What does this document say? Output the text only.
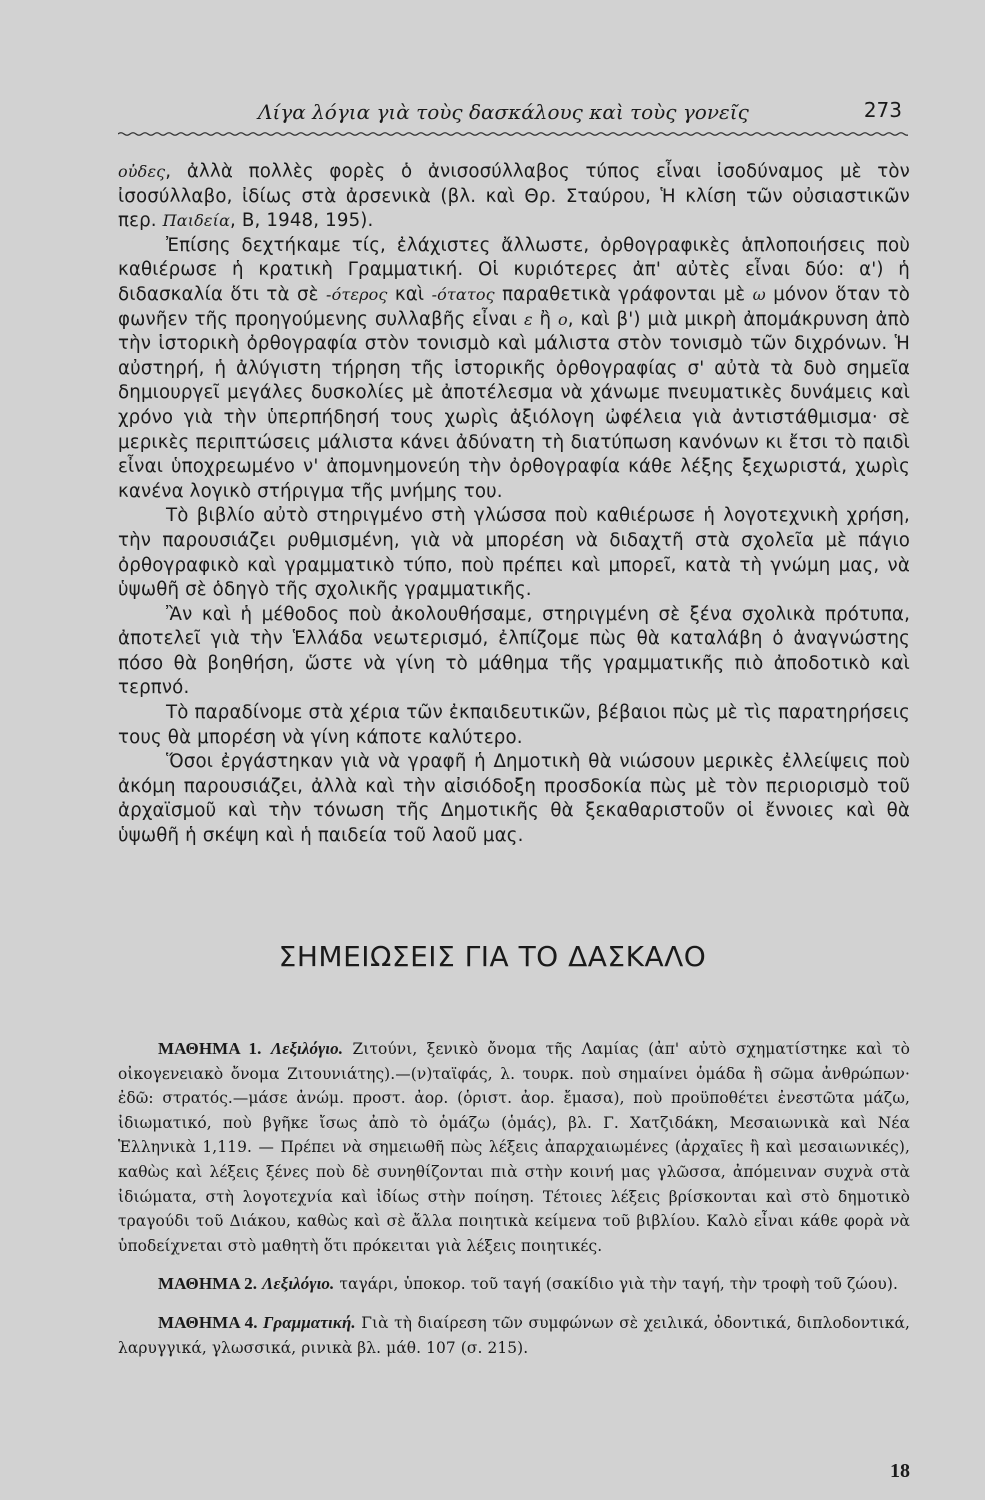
Λίγα λόγια γιὰ τοὺς δασκάλους καὶ τοὺς γονεῖς	273

οὐδες, ἀλλὰ πολλὲς φορὲς ὁ ἀνισοσύλλαβος τύπος εἶναι ἰσοδύναμος μὲ τὸν ἰσοσύλλαβο, ἰδίως στὰ ἀρσενικὰ (βλ. καὶ Θρ. Σταύρου, Ἡ κλίση τῶν οὐσιαστικῶν περ. Παιδεία, Β, 1948, 195).

Ἐπίσης δεχτήκαμε τίς, ἐλάχιστες ἄλλωστε, ὀρθογραφικὲς ἁπλοποιήσεις ποὺ καθιέρωσε ἡ κρατικὴ Γραμματική. Οἱ κυριότερες ἀπ' αὐτὲς εἶναι δύο: α') ἡ διδασκαλία ὅτι τὰ σὲ -ότερος καὶ -ότατος παραθετικὰ γράφονται μὲ ω μόνον ὅταν τὸ φωνῆεν τῆς προηγούμενης συλλαβῆς εἶναι ε ἢ ο, καὶ β') μιὰ μικρὴ ἀπομάκρυνση ἀπὸ τὴν ἱστορικὴ ὀρθογραφία στὸν τονισμὸ καὶ μάλιστα στὸν τονισμὸ τῶν διχρόνων. Ἡ αὐστηρή, ἡ ἀλύγιστη τήρηση τῆς ἱστορικῆς ὀρθογραφίας σ' αὐτὰ τὰ δυὸ σημεῖα δημιουργεῖ μεγάλες δυσκολίες μὲ ἀποτέλεσμα νὰ χάνωμε πνευματικὲς δυνάμεις καὶ χρόνο γιὰ τὴν ὑπερπήδησή τους χωρὶς ἀξιόλογη ὠφέλεια γιὰ ἀντιστάθμισμα· σὲ μερικὲς περιπτώσεις μάλιστα κάνει ἀδύνατη τὴ διατύπωση κανόνων κι ἔτσι τὸ παιδὶ εἶναι ὑποχρεωμένο ν' ἀπομνημονεύη τὴν ὀρθογραφία κάθε λέξης ξεχωριστά, χωρὶς κανένα λογικὸ στήριγμα τῆς μνήμης του.

Τὸ βιβλίο αὐτὸ στηριγμένο στὴ γλώσσα ποὺ καθιέρωσε ἡ λογοτεχνικὴ χρήση, τὴν παρουσιάζει ρυθμισμένη, γιὰ νὰ μπορέση νὰ διδαχτῆ στὰ σχολεῖα μὲ πάγιο ὀρθογραφικὸ καὶ γραμματικὸ τύπο, ποὺ πρέπει καὶ μπορεῖ, κατὰ τὴ γνώμη μας, νὰ ὑψωθῆ σὲ ὁδηγὸ τῆς σχολικῆς γραμματικῆς.

Ἂν καὶ ἡ μέθοδος ποὺ ἀκολουθήσαμε, στηριγμένη σὲ ξένα σχολικὰ πρότυπα, ἀποτελεῖ γιὰ τὴν Ἑλλάδα νεωτερισμό, ἐλπίζομε πὼς θὰ καταλάβη ὁ ἀναγνώστης πόσο θὰ βοηθήση, ὥστε νὰ γίνη τὸ μάθημα τῆς γραμματικῆς πιὸ ἀποδοτικὸ καὶ τερπνό.

Τὸ παραδίνομε στὰ χέρια τῶν ἐκπαιδευτικῶν, βέβαιοι πὼς μὲ τὶς παρατηρήσεις τους θὰ μπορέση νὰ γίνη κάποτε καλύτερο.

Ὅσοι ἐργάστηκαν γιὰ νὰ γραφῆ ἡ Δημοτικὴ θὰ νιώσουν μερικὲς ἐλλείψεις ποὺ ἀκόμη παρουσιάζει, ἀλλὰ καὶ τὴν αἰσιόδοξη προσδοκία πὼς μὲ τὸν περιορισμὸ τοῦ ἀρχαϊσμοῦ καὶ τὴν τόνωση τῆς Δημοτικῆς θὰ ξεκαθαριστοῦν οἱ ἔννοιες καὶ θὰ ὑψωθῆ ἡ σκέψη καὶ ἡ παιδεία τοῦ λαοῦ μας.

ΣΗΜΕΙΩΣΕΙΣ ΓΙΑ ΤΟ ΔΑΣΚΑΛΟ

ΜΑΘΗΜΑ 1. Λεξιλόγιο. Ζιτούνι, ξενικὸ ὄνομα τῆς Λαμίας (ἀπ' αὐτὸ σχηματίστηκε καὶ τὸ οἰκογενειακὸ ὄνομα Ζιτουνιάτης).—(ν)ταϊφάς, λ. τουρκ. ποὺ σημαίνει ὁμάδα ἢ σῶμα ἀνθρώπων· ἐδῶ: στρατός.—μάσε ἀνώμ. προστ. ἀορ. (ὁριστ. ἀορ. ἔμασα), ποὺ προϋποθέτει ἐνεστῶτα μάζω, ἰδιωματικό, ποὺ βγῆκε ἴσως ἀπὸ τὸ ὁμάζω (ὁμάς), βλ. Γ. Χατζιδάκη, Μεσαιωνικὰ καὶ Νέα Ἑλληνικὰ 1,119. — Πρέπει νὰ σημειωθῆ πὼς λέξεις ἀπαρχαιωμένες (ἀρχαῖες ἢ καὶ μεσαιωνικές), καθὼς καὶ λέξεις ξένες ποὺ δὲ συνηθίζονται πιὰ στὴν κοινή μας γλῶσσα, ἀπόμειναν συχνὰ στὰ ἰδιώματα, στὴ λογοτεχνία καὶ ἰδίως στὴν ποίηση. Τέτοιες λέξεις βρίσκονται καὶ στὸ δημοτικὸ τραγούδι τοῦ Διάκου, καθὼς καὶ σὲ ἄλλα ποιητικὰ κείμενα τοῦ βιβλίου. Καλὸ εἶναι κάθε φορὰ νὰ ὑποδείχνεται στὸ μαθητὴ ὅτι πρόκειται γιὰ λέξεις ποιητικές.

ΜΑΘΗΜΑ 2. Λεξιλόγιο. ταγάρι, ὑποκορ. τοῦ ταγή (σακίδιο γιὰ τὴν ταγή, τὴν τροφὴ τοῦ ζώου).

ΜΑΘΗΜΑ 4. Γραμματική. Γιὰ τὴ διαίρεση τῶν συμφώνων σὲ χειλικά, ὀδοντικά, διπλοδοντικά, λαρυγγικά, γλωσσικά, ρινικὰ βλ. μάθ. 107 (σ. 215).

18
